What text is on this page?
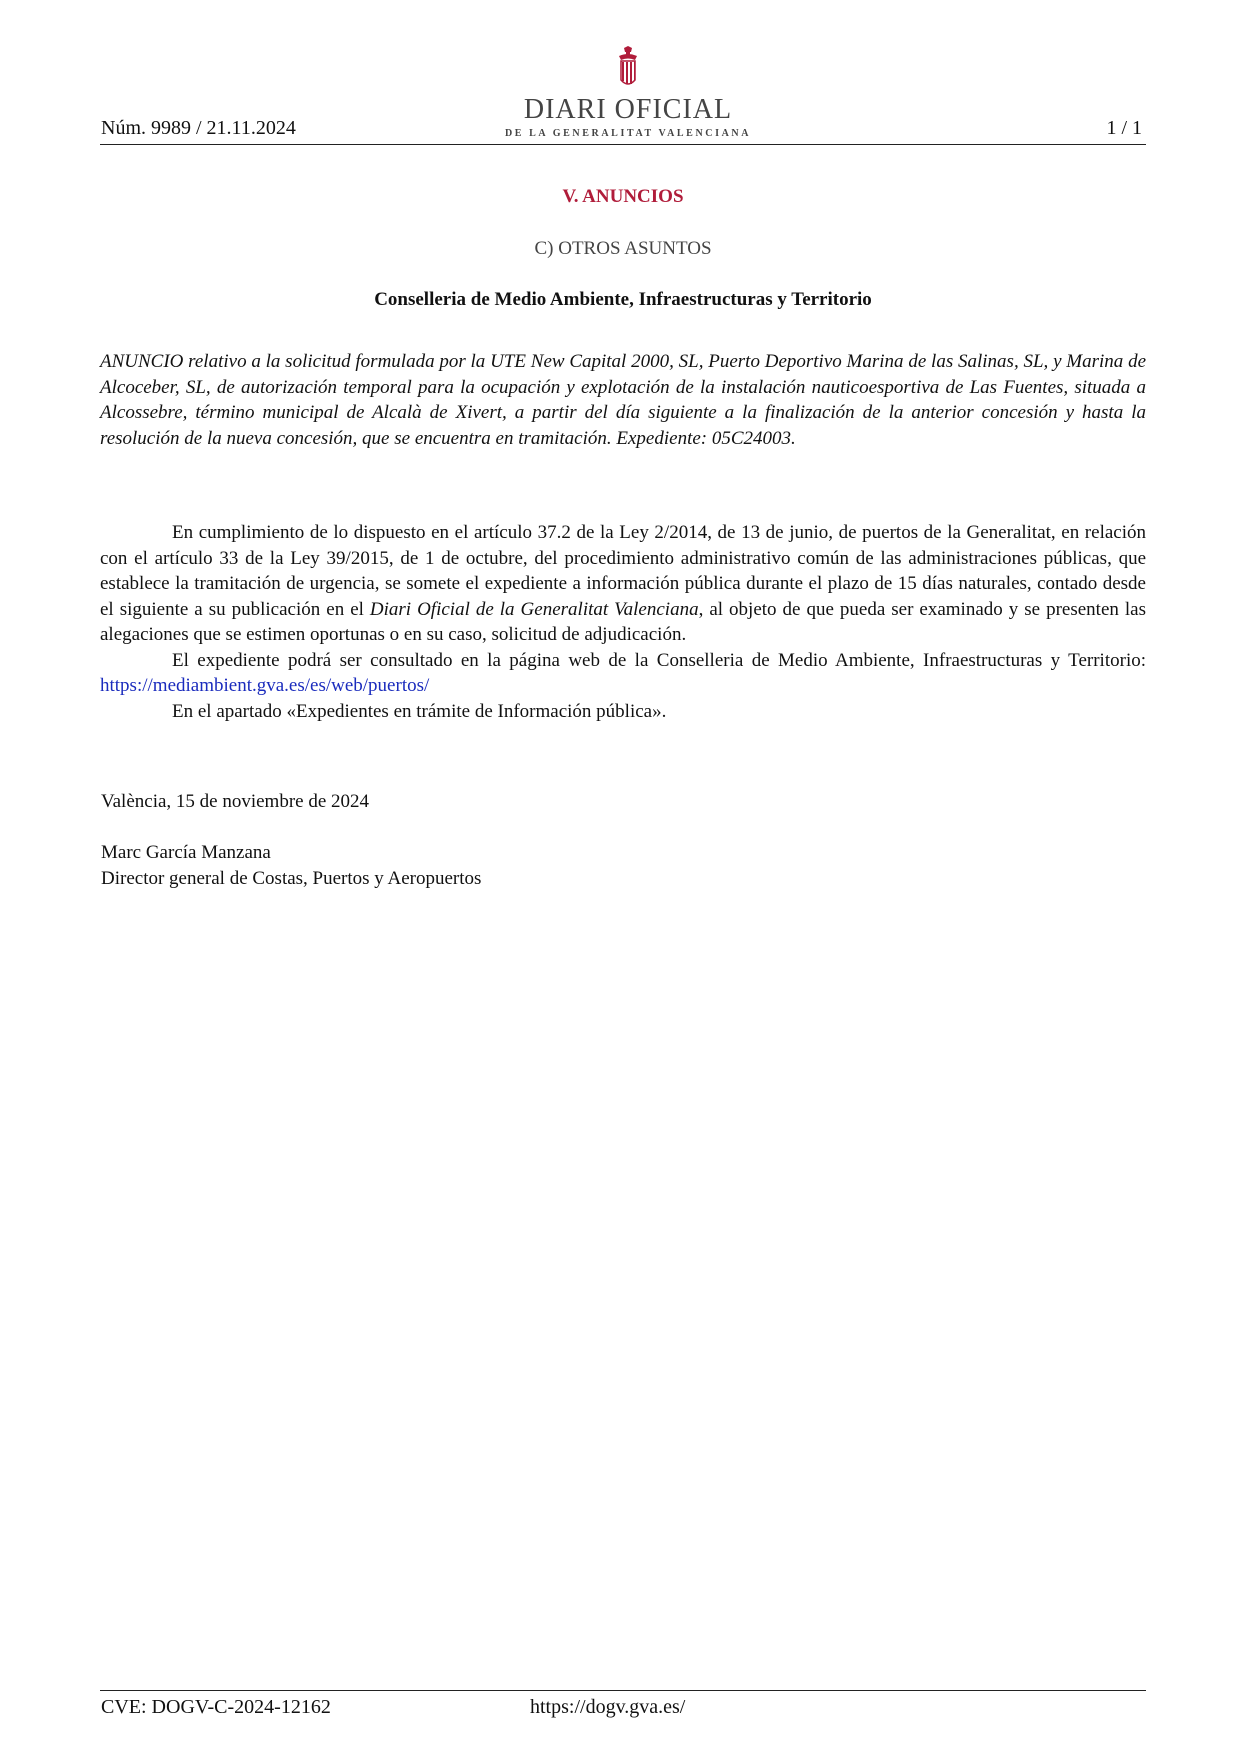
Núm. 9989 / 21.11.2024
DIARI OFICIAL
DE LA GENERALITAT VALENCIANA	1 / 1
V. ANUNCIOS
C) OTROS ASUNTOS
Conselleria de Medio Ambiente, Infraestructuras y Territorio
ANUNCIO relativo a la solicitud formulada por la UTE New Capital 2000, SL, Puerto Deportivo Marina de las Salinas, SL, y Marina de Alcoceber, SL, de autorización temporal para la ocupación y explotación de la instalación nauticoesportiva de Las Fuentes, situada a Alcossebre, término municipal de Alcalà de Xivert, a partir del día siguiente a la finalización de la anterior concesión y hasta la resolución de la nueva concesión, que se encuentra en tramitación. Expediente: 05C24003.

En cumplimiento de lo dispuesto en el artículo 37.2 de la Ley 2/2014, de 13 de junio, de puertos de la Generalitat, en relación con el artículo 33 de la Ley 39/2015, de 1 de octubre, del procedimiento administrativo común de las administraciones públicas, que establece la tramitación de urgencia, se somete el expediente a información pública durante el plazo de 15 días naturales, contado desde el siguiente a su publicación en el Diari Oficial de la Generalitat Valenciana, al objeto de que pueda ser examinado y se presenten las alegaciones que se estimen oportunas o en su caso, solicitud de adjudicación.

El expediente podrá ser consultado en la página web de la Conselleria de Medio Ambiente, Infraestructuras y Territorio: https://mediambient.gva.es/es/web/puertos/

En el apartado «Expedientes en trámite de Información pública».

València, 15 de noviembre de 2024
Marc García Manzana
Director general de Costas, Puertos y Aeropuertos
CVE: DOGV-C-2024-12162	https://dogv.gva.es/
